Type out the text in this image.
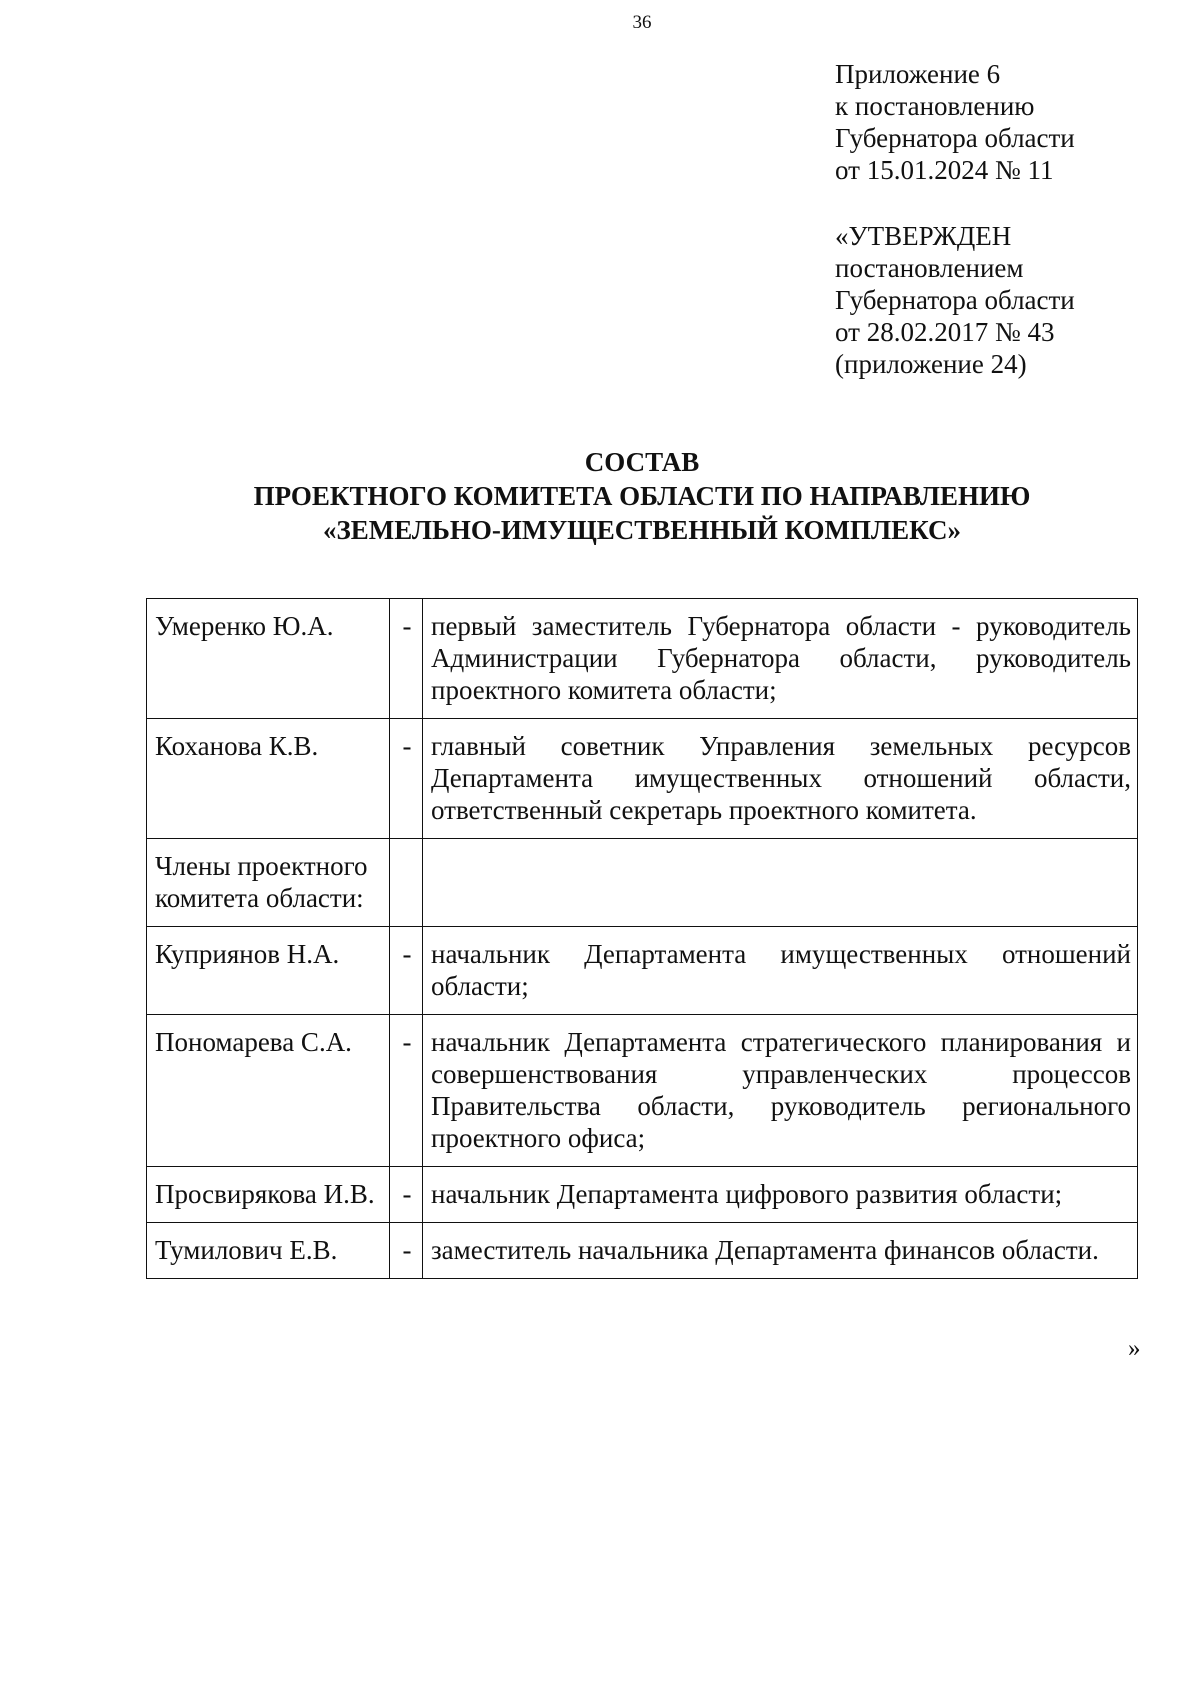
36
Приложение 6
к постановлению
Губернатора области
от 15.01.2024 № 11
«УТВЕРЖДЕН
постановлением
Губернатора области
от 28.02.2017 № 43
(приложение 24)
СОСТАВ
ПРОЕКТНОГО КОМИТЕТА ОБЛАСТИ ПО НАПРАВЛЕНИЮ
«ЗЕМЕЛЬНО-ИМУЩЕСТВЕННЫЙ КОМПЛЕКС»
Умеренко Ю.А.	-	первый заместитель Губернатора области - руководитель Администрации Губернатора области, руководитель проектного комитета области;
Коханова К.В.	-	главный советник Управления земельных ресурсов Департамента имущественных отношений области, ответственный секретарь проектного комитета.
Члены проектного комитета области:		
Куприянов Н.А.	-	начальник Департамента имущественных отношений области;
Пономарева С.А.	-	начальник Департамента стратегического планирования и совершенствования управленческих процессов Правительства области, руководитель регионального проектного офиса;
Просвирякова И.В.	-	начальник Департамента цифрового развития области;
Тумилович Е.В.	-	заместитель начальника Департамента финансов области.
»
